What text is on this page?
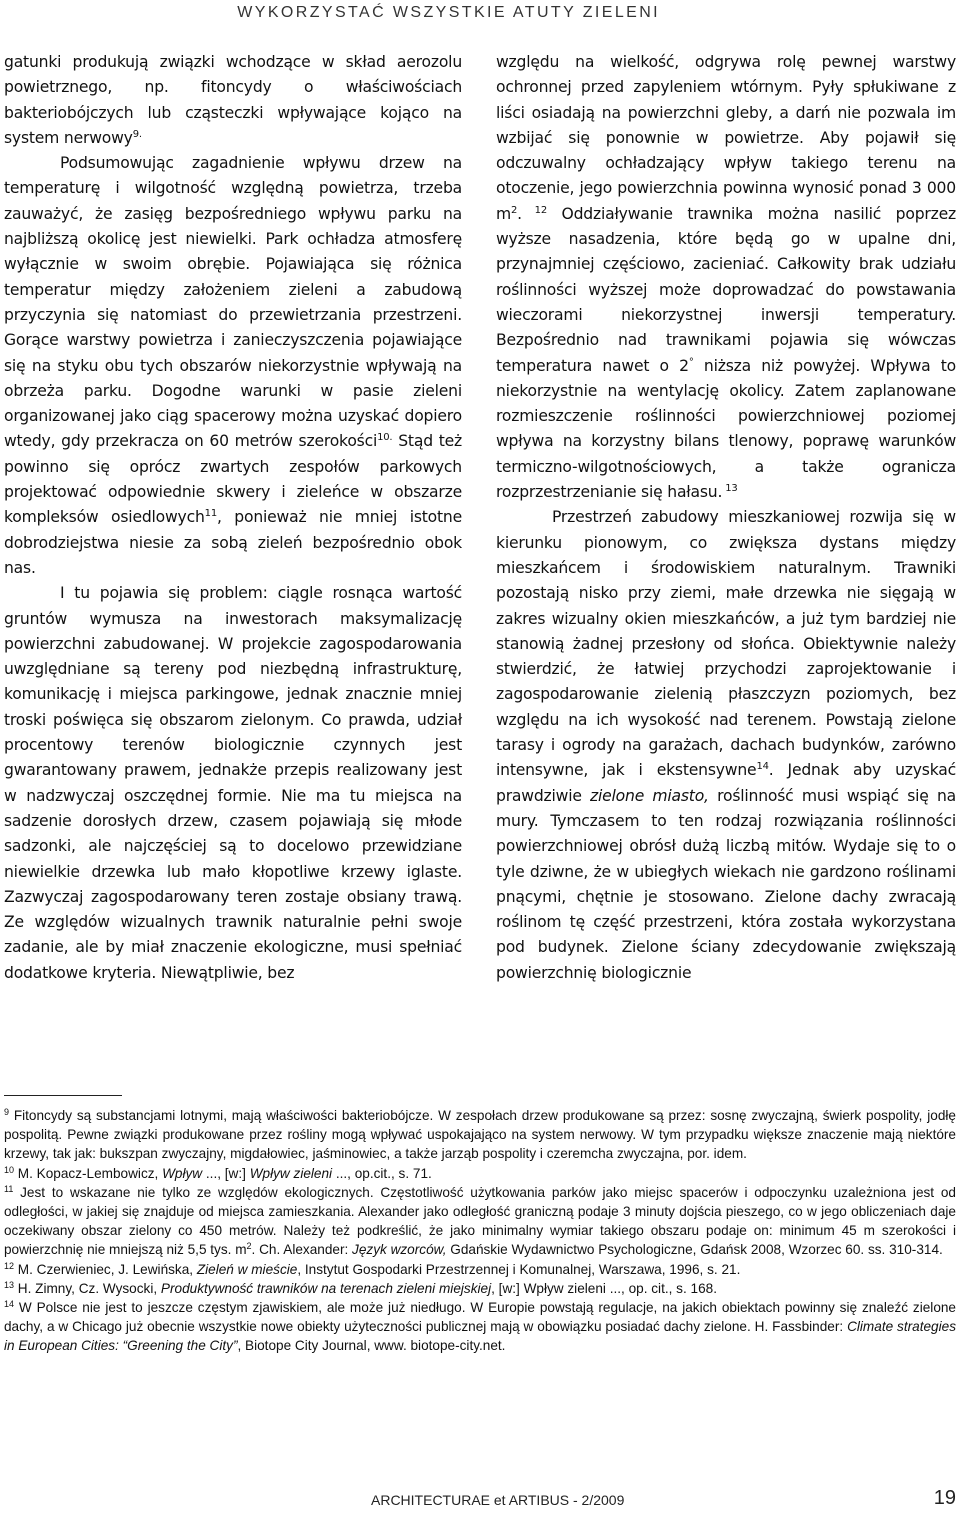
WYKORZYSTAĆ WSZYSTKIE ATUTY ZIELENI

gatunki produkują związki wchodzące w skład aerozolu powietrznego, np. fitoncydy o właściwościach bakteriobójczych lub cząsteczki wpływające kojąco na system nerwowy$^{9.}$

Podsumowując zagadnienie wpływu drzew na temperaturę i wilgotność względną powietrza, trzeba zauważyć, że zasięg bezpośredniego wpływu parku na najbliższą okolicę jest niewielki. Park ochładza atmosferę wyłącznie w swoim obrębie. Pojawiająca się różnica temperatur między założeniem zieleni a zabudową przyczynia się natomiast do przewietrzania przestrzeni. Gorące warstwy powietrza i zanieczyszczenia pojawiające się na styku obu tych obszarów niekorzystnie wpływają na obrzeża parku. Dogodne warunki w pasie zieleni organizowanej jako ciąg spacerowy można uzyskać dopiero wtedy, gdy przekracza on 60 metrów szerokości$^{10.}$ Stąd też powinno się oprócz zwartych zespołów parkowych projektować odpowiednie skwery i zieleńce w obszarze kompleksów osiedlowych$^{11}$, ponieważ nie mniej istotne dobrodziejstwa niesie za sobą zieleń bezpośrednio obok nas.

I tu pojawia się problem: ciągle rosnąca wartość gruntów wymusza na inwestorach maksymalizację powierzchni zabudowanej. W projekcie zagospodarowania uwzględniane są tereny pod niezbędną infrastrukturę, komunikację i miejsca parkingowe, jednak znacznie mniej troski poświęca się obszarom zielonym. Co prawda, udział procentowy terenów biologicznie czynnych jest gwarantowany prawem, jednakże przepis realizowany jest w nadzwyczaj oszczędnej formie. Nie ma tu miejsca na sadzenie dorosłych drzew, czasem pojawiają się młode sadzonki, ale najczęściej są to docelowo przewidziane niewielkie drzewka lub mało kłopotliwe krzewy iglaste. Zazwyczaj zagospodarowany teren zostaje obsiany trawą. Ze względów wizualnych trawnik naturalnie pełni swoje zadanie, ale by miał znaczenie ekologiczne, musi spełniać dodatkowe kryteria. Niewątpliwie, bez

względu na wielkość, odgrywa rolę pewnej warstwy ochronnej przed zapyleniem wtórnym. Pyły spłukiwane z liści osiadają na powierzchni gleby, a darń nie pozwala im wzbijać się ponownie w powietrze. Aby pojawił się odczuwalny ochładzający wpływ takiego terenu na otoczenie, jego powierzchnia powinna wynosić ponad 3 000 $m^2$. $^{12}$ Oddziaływanie trawnika można nasilić poprzez wyższe nasadzenia, które będą go w upalne dni, przynajmniej częściowo, zacieniać. Całkowity brak udziału roślinności wyższej może doprowadzać do powstawania wieczorami niekorzystnej inwersji temperatury. Bezpośrednio nad trawnikami pojawia się wówczas temperatura nawet o 2° niższa niż powyżej. Wpływa to niekorzystnie na wentylację okolicy. Zatem zaplanowane rozmieszczenie roślinności powierzchniowej poziomej wpływa na korzystny bilans tlenowy, poprawę warunków termiczno-wilgotnościowych, a także ogranicza rozprzestrzenianie się hałasu. $^{13}$

Przestrzeń zabudowy mieszkaniowej rozwija się w kierunku pionowym, co zwiększa dystans między mieszkańcem i środowiskiem naturalnym. Trawniki pozostają nisko przy ziemi, małe drzewka nie sięgają w zakres wizualny okien mieszkańców, a już tym bardziej nie stanowią żadnej przesłony od słońca. Obiektywnie należy stwierdzić, że łatwiej przychodzi zaprojektowanie i zagospodarowanie zielenią płaszczyzn poziomych, bez względu na ich wysokość nad terenem. Powstają zielone tarasy i ogrody na garażach, dachach budynków, zarówno intensywne, jak i ekstensywne$^{14}$. Jednak aby uzyskać prawdziwie zielone miasto, roślinność musi wspiąć się na mury. Tymczasem to ten rodzaj rozwiązania roślinności powierzchniowej obrósł dużą liczbą mitów. Wydaje się to o tyle dziwne, że w ubiegłych wiekach nie gardzono roślinami pnącymi, chętnie je stosowano. Zielone dachy zwracają roślinom tę część przestrzeni, która została wykorzystana pod budynek. Zielone ściany zdecydowanie zwiększają powierzchnię biologicznie

$^9$ Fitoncydy są substancjami lotnymi, mają właściwości bakteriobójcze. W zespołach drzew produkowane są przez: sosnę zwyczajną, świerk pospolity, jodłę pospolitą. Pewne związki produkowane przez rośliny mogą wpływać uspokajająco na system nerwowy. W tym przypadku większe znaczenie mają niektóre krzewy, tak jak: bukszpan zwyczajny, migdałowiec, jaśminowiec, a także jarząb pospolity i czeremcha zwyczajna, por. idem.

$^{10}$ M. Kopacz-Lembowicz, Wpływ ..., [w:] Wpływ zieleni ..., op.cit., s. 71.

$^{11}$ Jest to wskazane nie tylko ze względów ekologicznych. Częstotliwość użytkowania parków jako miejsc spacerów i odpoczynku uzależniona jest od odległości, w jakiej się znajduje od miejsca zamieszkania. Alexander jako odległość graniczną podaje 3 minuty dojścia pieszego, co w jego obliczeniach daje oczekiwany obszar zielony co 450 metrów. Należy też podkreślić, że jako minimalny wymiar takiego obszaru podaje on: minimum 45 m szerokości i powierzchnię nie mniejszą niż 5,5 tys. $m^2$. Ch. Alexander: Język wzorców, Gdańskie Wydawnictwo Psychologiczne, Gdańsk 2008, Wzorzec 60. ss. 310-314.

$^{12}$ M. Czerwieniec, J. Lewińska, Zieleń w mieście, Instytut Gospodarki Przestrzennej i Komunalnej, Warszawa, 1996, s. 21.

$^{13}$ H. Zimny, Cz. Wysocki, Produktywność trawników na terenach zieleni miejskiej, [w:] Wpływ zieleni ..., op. cit., s. 168.

$^{14}$ W Polsce nie jest to jeszcze częstym zjawiskiem, ale może już niedługo. W Europie powstają regulacje, na jakich obiektach powinny się znaleźć zielone dachy, a w Chicago już obecnie wszystkie nowe obiekty użyteczności publicznej mają w obowiązku posiadać dachy zielone. H. Fassbinder: Climate strategies in European Cities: “Greening the City”, Biotope City Journal, www. biotope-city.net.

ARCHITECTURAE et ARTIBUS - 2/2009	19
